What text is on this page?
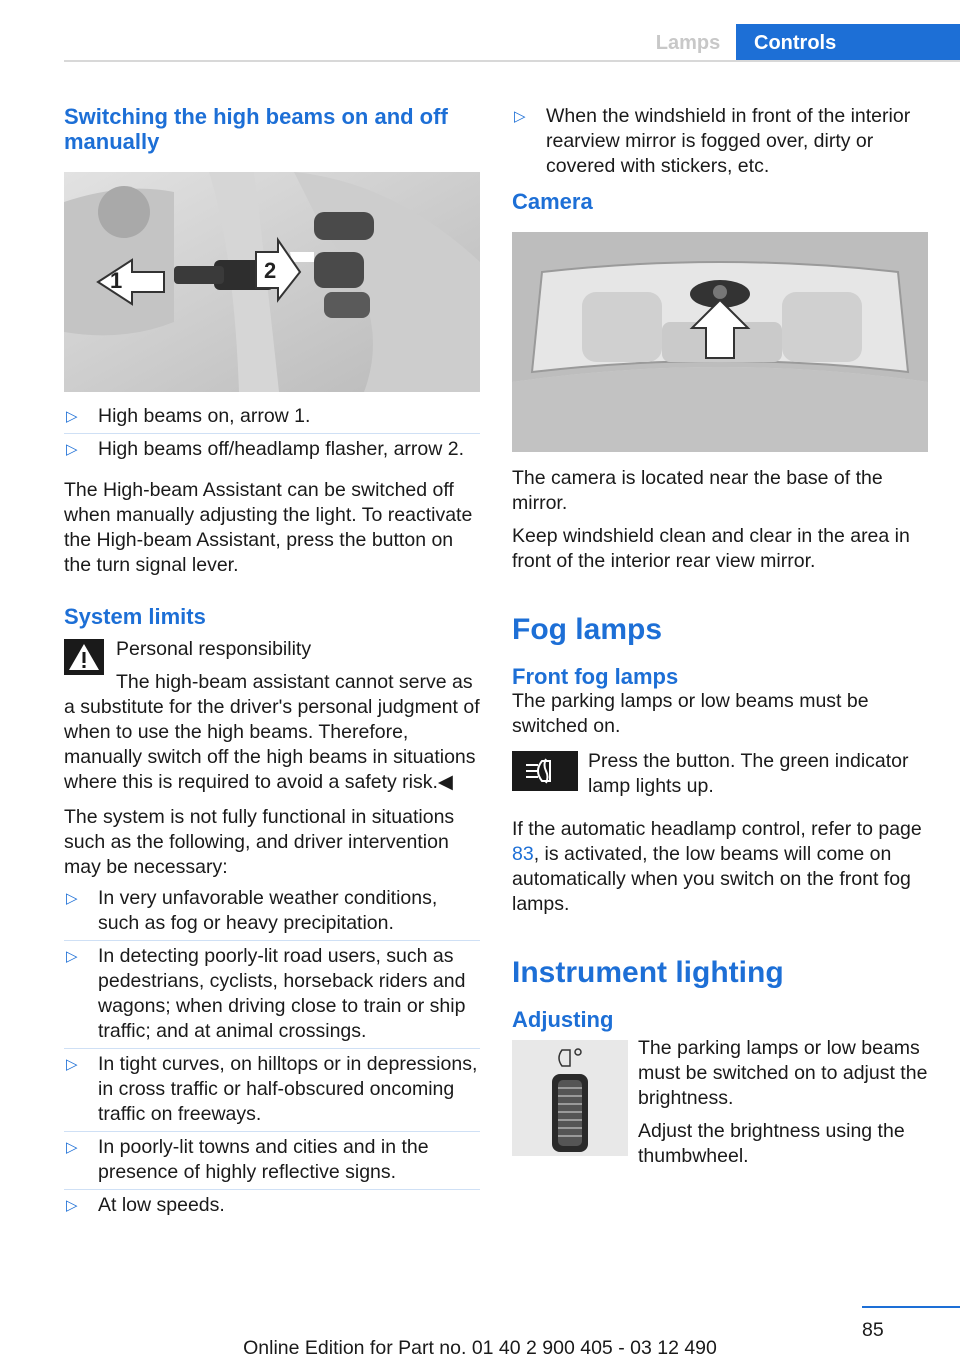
Lamps	Controls
Switching the high beams on and off manually
1	2
▷ High beams on, arrow 1.
▷ High beams off/headlamp flasher, arrow 2.

The High-beam Assistant can be switched off when manually adjusting the light. To reactivate the High-beam Assistant, press the button on the turn signal lever.

System limits

Personal responsibility

The high-beam assistant cannot serve as a substitute for the driver's personal judgment of when to use the high beams. Therefore, manually switch off the high beams in situations where this is required to avoid a safety risk.◀

The system is not fully functional in situations such as the following, and driver intervention may be necessary:

▷ In very unfavorable weather conditions, such as fog or heavy precipitation.
▷ In detecting poorly-lit road users, such as pedestrians, cyclists, horseback riders and wagons; when driving close to train or ship traffic; and at animal crossings.
▷ In tight curves, on hilltops or in depressions, in cross traffic or half-obscured oncoming traffic on freeways.
▷ In poorly-lit towns and cities and in the presence of highly reflective signs.
▷ At low speeds.
▷ When the windshield in front of the interior rearview mirror is fogged over, dirty or covered with stickers, etc.
Camera

The camera is located near the base of the mirror.

Keep windshield clean and clear in the area in front of the interior rear view mirror.

Fog lamps
Front fog lamps

The parking lamps or low beams must be switched on.

Press the button. The green indicator lamp lights up.

If the automatic headlamp control, refer to page 83, is activated, the low beams will come on automatically when you switch on the front fog lamps.

Instrument lighting
Adjusting

The parking lamps or low beams must be switched on to adjust the brightness.

Adjust the brightness using the thumbwheel.

85
Online Edition for Part no. 01 40 2 900 405 - 03 12 490
